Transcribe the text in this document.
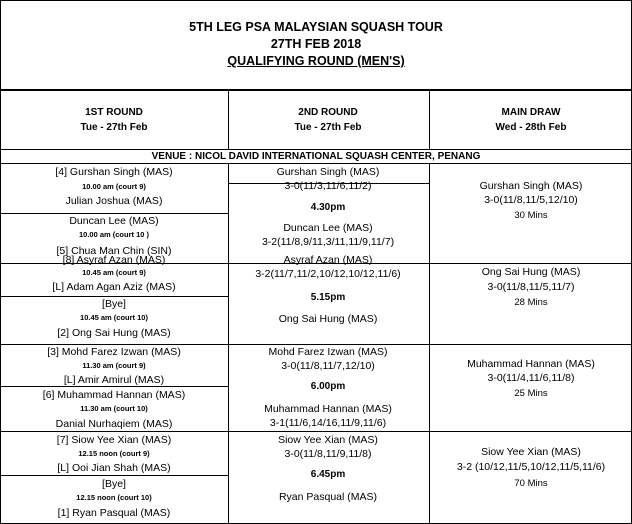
5TH LEG PSA MALAYSIAN SQUASH TOUR
27TH FEB 2018
QUALIFYING ROUND (MEN'S)
1ST ROUND
Tue - 27th Feb
2ND ROUND
Tue - 27th Feb
MAIN DRAW
Wed - 28th Feb
VENUE : NICOL DAVID INTERNATIONAL SQUASH CENTER, PENANG
[4] Gurshan Singh (MAS)
10.00 am (court 9)
Julian Joshua (MAS)
Duncan Lee (MAS)
10.00 am (court 10 )
[5] Chua Man Chin (SIN)
Gurshan Singh (MAS)
3-0(11/3,11/6,11/2)
4.30pm
Duncan Lee (MAS)
3-2(11/8,9/11,3/11,11/9,11/7)
Gurshan Singh (MAS)
3-0(11/8,11/5,12/10)
30 Mins
[8] Asyraf Azan (MAS)
10.45 am (court 9)
[L] Adam Agan Aziz (MAS)
[Bye]
10.45 am (court 10)
[2] Ong Sai Hung (MAS)
Asyraf Azan (MAS)
3-2(11/7,11/2,10/12,10/12,11/6)
5.15pm
Ong Sai Hung (MAS)
Ong Sai Hung (MAS)
3-0(11/8,11/5,11/7)
28 Mins
[3] Mohd Farez Izwan (MAS)
11.30 am (court 9)
[L] Amir Amirul (MAS)
[6] Muhammad Hannan (MAS)
11.30 am (court 10)
Danial Nurhaqiem (MAS)
Mohd Farez Izwan (MAS)
3-0(11/8,11/7,12/10)
6.00pm
Muhammad Hannan (MAS)
3-1(11/6,14/16,11/9,11/6)
Muhammad Hannan (MAS)
3-0(11/4,11/6,11/8)
25 Mins
[7] Siow Yee Xian (MAS)
12.15 noon (court 9)
[L] Ooi Jian Shah (MAS)
[Bye]
12.15 noon (court 10)
[1] Ryan Pasqual (MAS)
Siow Yee Xian (MAS)
3-0(11/8,11/9,11/8)
6.45pm
Ryan Pasqual (MAS)
Siow Yee Xian (MAS)
3-2 (10/12,11/5,10/12,11/5,11/6)
70 Mins
